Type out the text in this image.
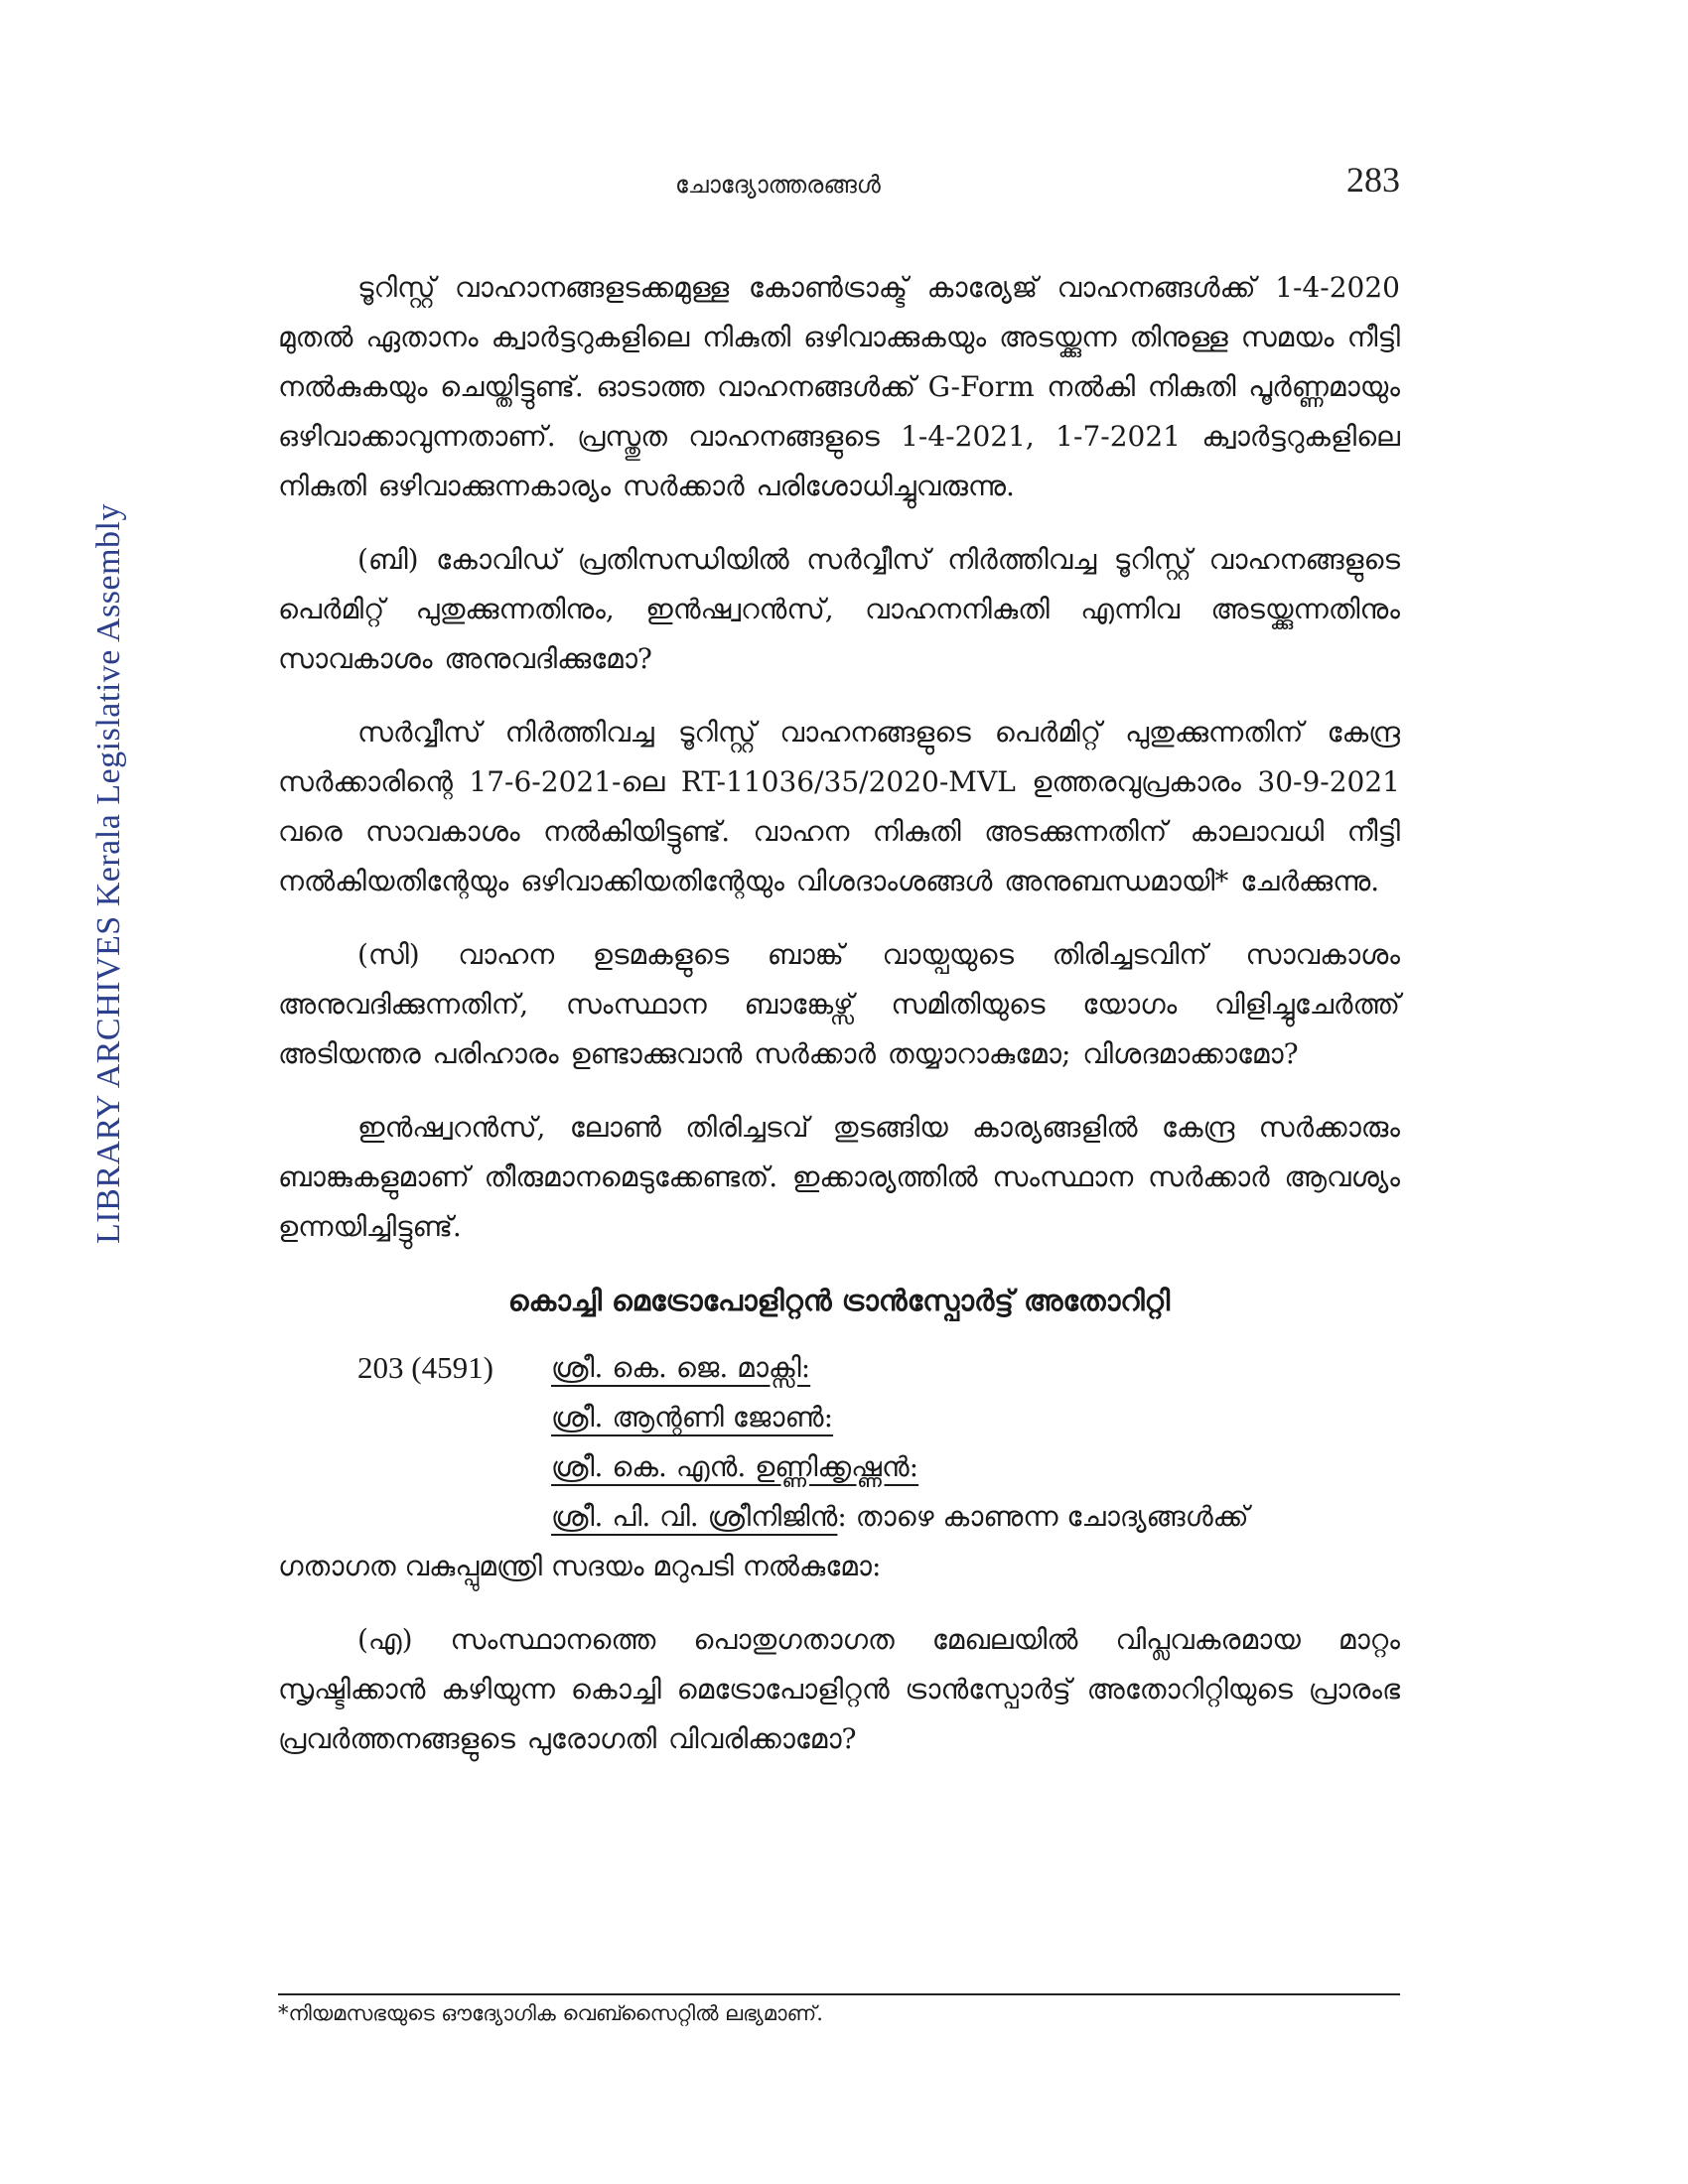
LIBRARY ARCHIVES Kerala Legislative Assembly
ചോദ്യോത്തരങ്ങൾ	283

ടൂറിസ്റ്റ് വാഹാനങ്ങളടക്കമുള്ള കോൺട്രാക്ട് കാര്യേജ് വാഹനങ്ങൾക്ക് 1-4-2020 മുതൽ ഏതാനം ക്വാർട്ടറുകളിലെ നികുതി ഒഴിവാക്കുകയും അടയ്ക്കുന്ന തിനുള്ള സമയം നീട്ടി നൽകുകയും ചെയ്തിട്ടുണ്ട്. ഓടാത്ത വാഹനങ്ങൾക്ക് G-Form നൽകി നികുതി പൂർണ്ണമായും ഒഴിവാക്കാവുന്നതാണ്. പ്രസ്തുത വാഹനങ്ങളുടെ 1-4-2021, 1-7-2021 ക്വാർട്ടറുകളിലെ നികുതി ഒഴിവാക്കുന്നകാര്യം സർക്കാർ പരിശോധിച്ചുവരുന്നു.

(ബി) കോവിഡ് പ്രതിസന്ധിയിൽ സർവ്വീസ് നിർത്തിവച്ച ടൂറിസ്റ്റ് വാഹനങ്ങളുടെ പെർമിറ്റ് പുതുക്കുന്നതിനും, ഇൻഷ്വറൻസ്, വാഹനനികുതി എന്നിവ അടയ്ക്കുന്നതിനും സാവകാശം അനുവദിക്കുമോ?

സർവ്വീസ് നിർത്തിവച്ച ടൂറിസ്റ്റ് വാഹനങ്ങളുടെ പെർമിറ്റ് പുതുക്കുന്നതിന് കേന്ദ്ര സർക്കാരിന്റെ 17-6-2021-ലെ RT-11036/35/2020-MVL ഉത്തരവുപ്രകാരം 30-9-2021 വരെ സാവകാശം നൽകിയിട്ടുണ്ട്. വാഹന നികുതി അടക്കുന്നതിന് കാലാവധി നീട്ടി നൽകിയതിന്റേയും ഒഴിവാക്കിയതിന്റേയും വിശദാംശങ്ങൾ അനുബന്ധമായി* ചേർക്കുന്നു.

(സി) വാഹന ഉടമകളുടെ ബാങ്ക് വായ്പയുടെ തിരിച്ചടവിന് സാവകാശം അനുവദിക്കുന്നതിന്, സംസ്ഥാന ബാങ്കേഴ്സ് സമിതിയുടെ യോഗം വിളിച്ചുചേർത്ത് അടിയന്തര പരിഹാരം ഉണ്ടാക്കുവാൻ സർക്കാർ തയ്യാറാകുമോ; വിശദമാക്കാമോ?

ഇൻഷ്വറൻസ്, ലോൺ തിരിച്ചടവ് തുടങ്ങിയ കാര്യങ്ങളിൽ കേന്ദ്ര സർക്കാരും ബാങ്കുകളുമാണ് തീരുമാനമെടുക്കേണ്ടത്. ഇക്കാര്യത്തിൽ സംസ്ഥാന സർക്കാർ ആവശ്യം ഉന്നയിച്ചിട്ടുണ്ട്.

കൊച്ചി മെട്രോപോളിറ്റൻ ട്രാൻസ്പോർട്ട് അതോറിറ്റി
203 (4591) ശ്രീ. കെ. ജെ. മാക്സി:
ശ്രീ. ആന്റണി ജോൺ:
ശ്രീ. കെ. എൻ. ഉണ്ണിക്കൃഷ്ണൻ:
ശ്രീ. പി. വി. ശ്രീനിജിൻ: താഴെ കാണുന്ന ചോദ്യങ്ങൾക്ക്

ഗതാഗത വകുപ്പുമന്ത്രി സദയം മറുപടി നൽകുമോ:

(എ) സംസ്ഥാനത്തെ പൊതുഗതാഗത മേഖലയിൽ വിപ്ലവകരമായ മാറ്റം സൃഷ്ടിക്കാൻ കഴിയുന്ന കൊച്ചി മെട്രോപോളിറ്റൻ ട്രാൻസ്പോർട്ട് അതോറിറ്റിയുടെ പ്രാരംഭ പ്രവർത്തനങ്ങളുടെ പുരോഗതി വിവരിക്കാമോ?

*നിയമസഭയുടെ ഔദ്യോഗിക വെബ്സൈറ്റിൽ ലഭ്യമാണ്.
